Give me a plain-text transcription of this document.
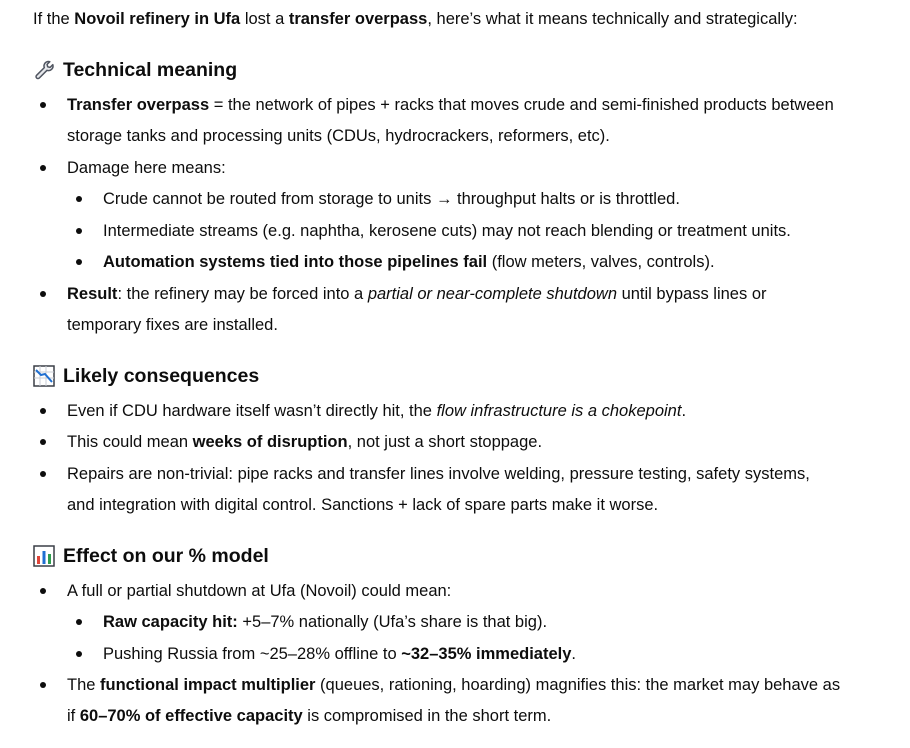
If the Novoil refinery in Ufa lost a transfer overpass, here’s what it means technically and strategically:
Technical meaning
Transfer overpass = the network of pipes + racks that moves crude and semi-finished products between
storage tanks and processing units (CDUs, hydrocrackers, reformers, etc).
Damage here means:
Crude cannot be routed from storage to units → throughput halts or is throttled.
Intermediate streams (e.g. naphtha, kerosene cuts) may not reach blending or treatment units.
Automation systems tied into those pipelines fail (flow meters, valves, controls).
Result: the refinery may be forced into a partial or near-complete shutdown until bypass lines or
temporary fixes are installed.
Likely consequences
Even if CDU hardware itself wasn’t directly hit, the flow infrastructure is a chokepoint.
This could mean weeks of disruption, not just a short stoppage.
Repairs are non-trivial: pipe racks and transfer lines involve welding, pressure testing, safety systems,
and integration with digital control. Sanctions + lack of spare parts make it worse.
Effect on our % model
A full or partial shutdown at Ufa (Novoil) could mean:
Raw capacity hit: +5–7% nationally (Ufa’s share is that big).
Pushing Russia from ~25–28% offline to ~32–35% immediately.
The functional impact multiplier (queues, rationing, hoarding) magnifies this: the market may behave as
if 60–70% of effective capacity is compromised in the short term.
